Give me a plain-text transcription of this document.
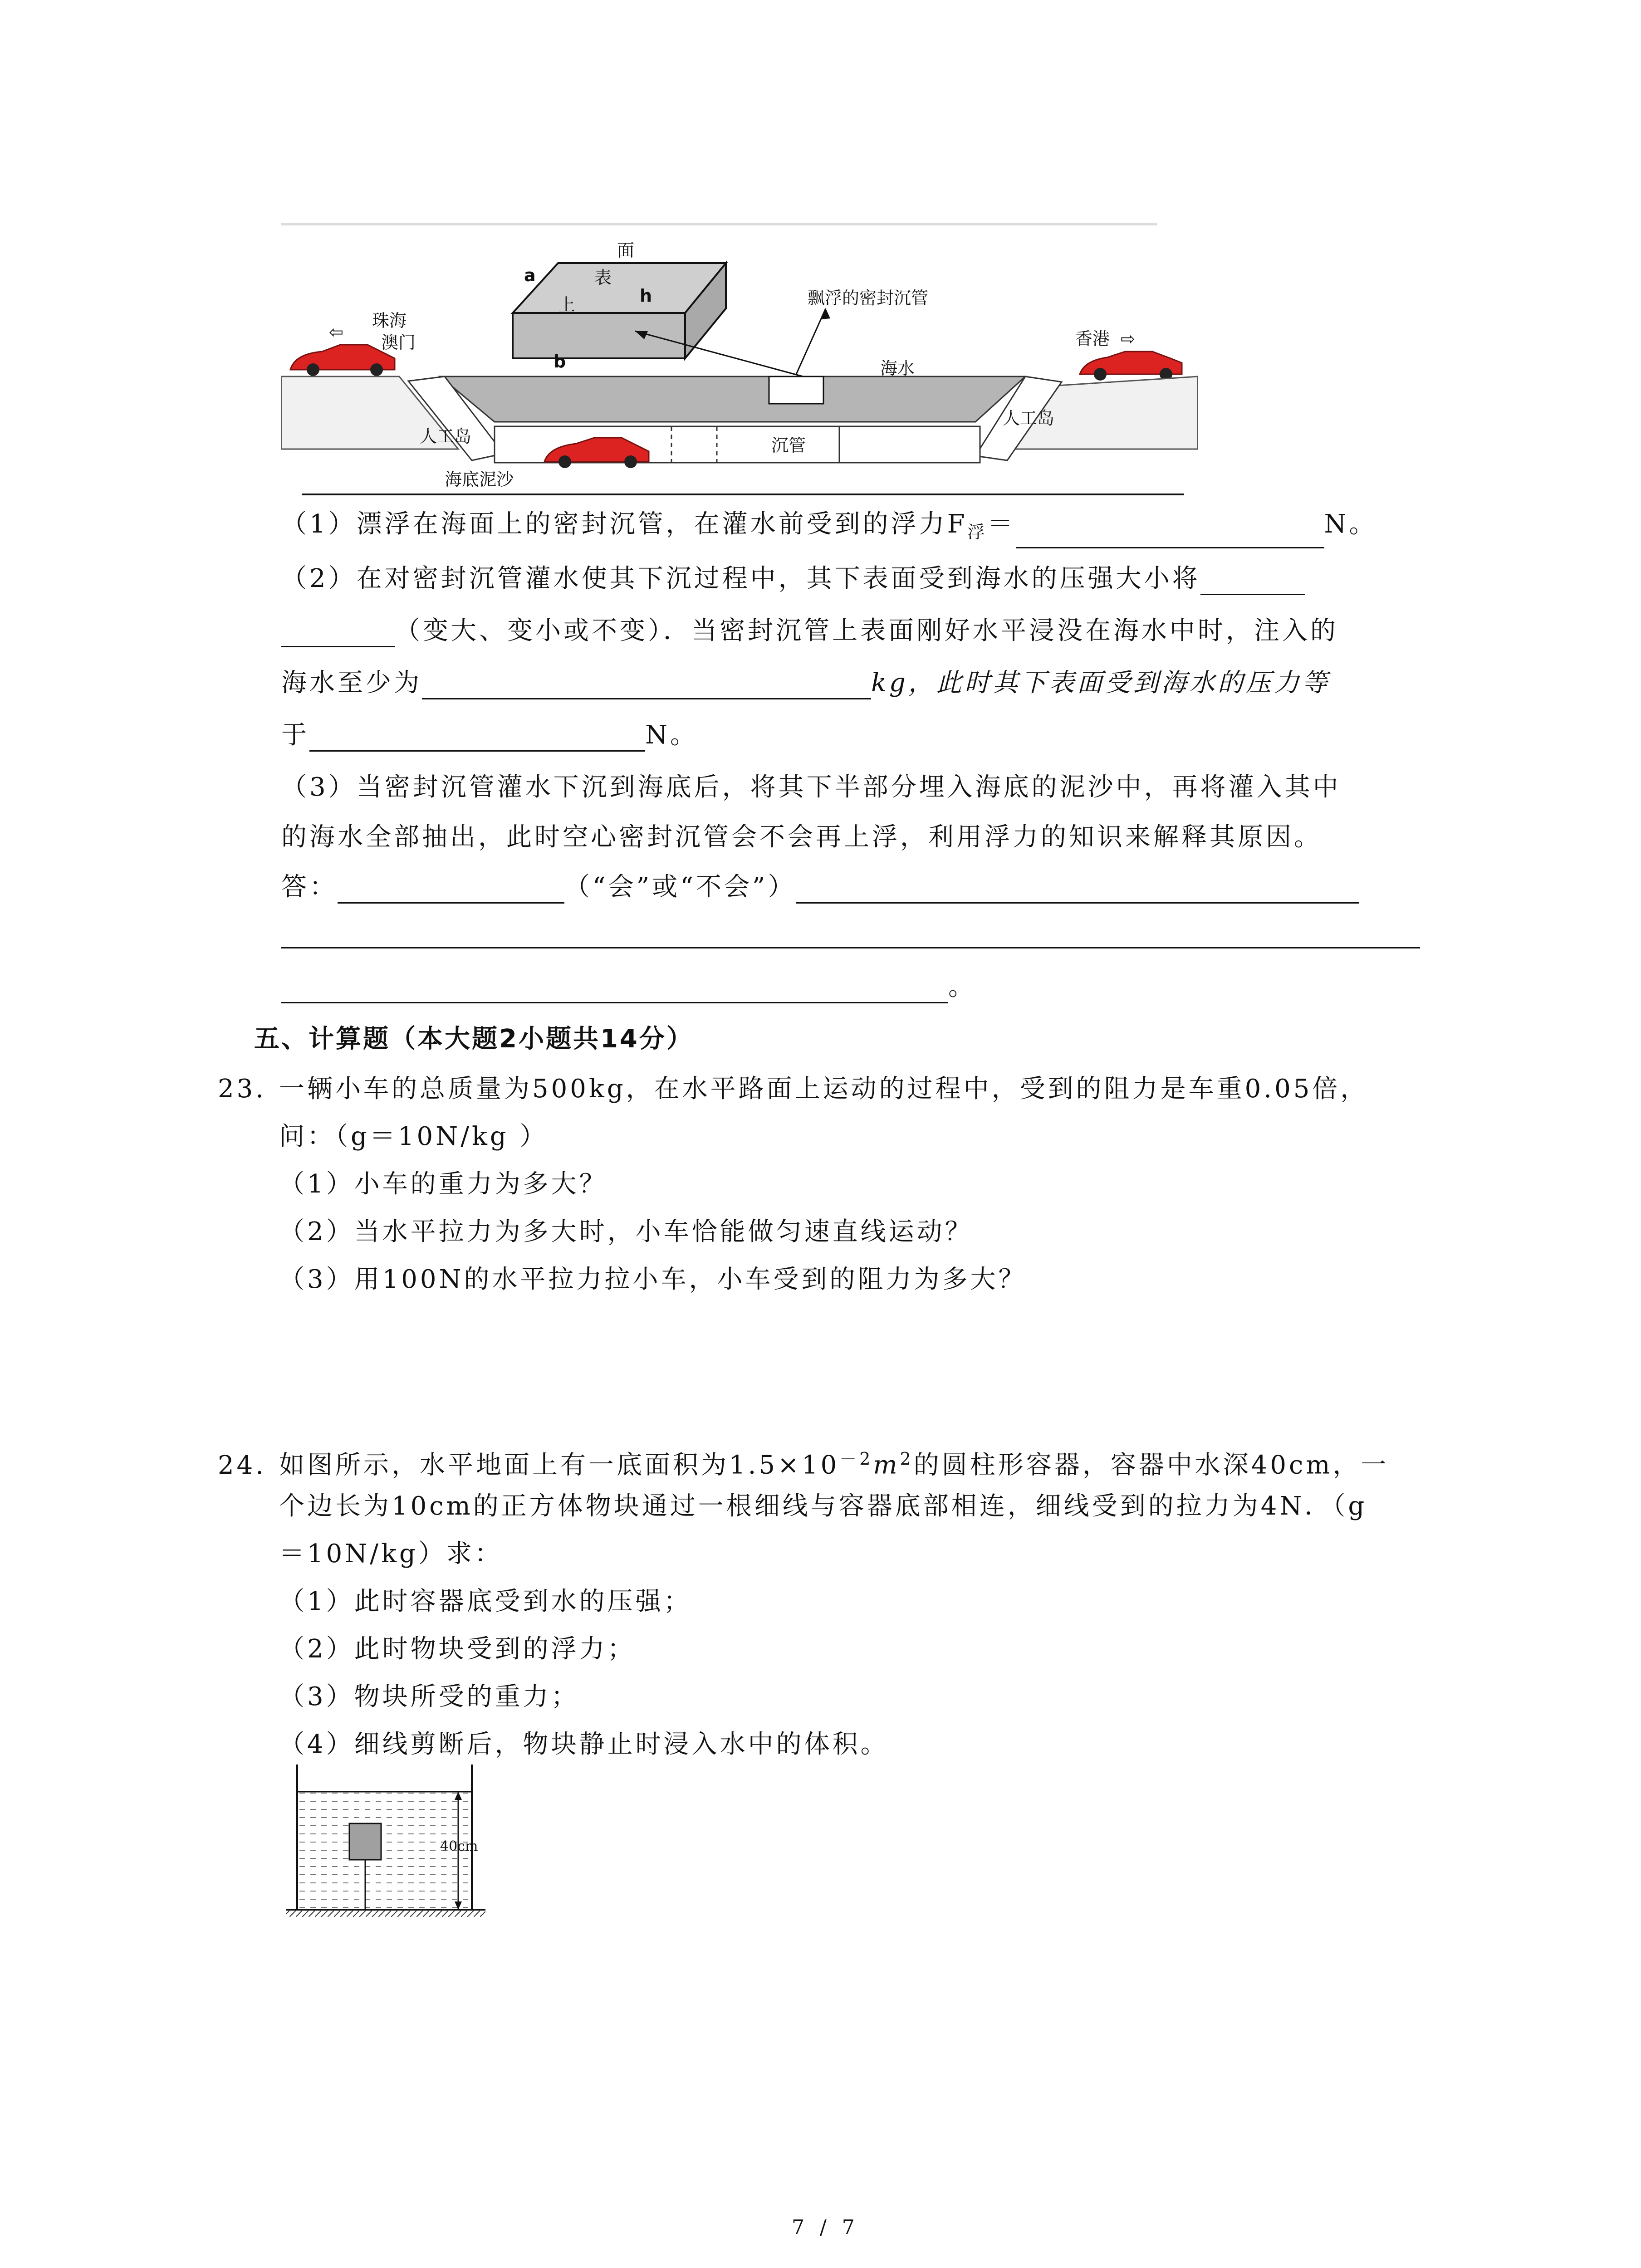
面
表
上
a
h
b
飘浮的密封沉管
珠海
澳门
⇦	香港 ⇨
海水
沉管
人工岛
人工岛
海底泥沙
（1）漂浮在海面上的密封沉管，在灌水前受到的浮力$F_浮=$	N。
（2）在对密封沉管灌水使其下沉过程中，其下表面受到海水的压强大小将
（变大、变小或不变）．当密封沉管上表面刚好水平浸没在海水中时，注入的
海水至少为	kg，此时其下表面受到海水的压力等
于	N。
（3）当密封沉管灌水下沉到海底后，将其下半部分埋入海底的泥沙中，再将灌入其中
的海水全部抽出，此时空心密封沉管会不会再上浮，利用浮力的知识来解释其原因。
答：	（“会”或“不会”）
。
五、计算题（本大题2小题共14分）
23. 一辆小车的总质量为500kg，在水平路面上运动的过程中，受到的阻力是车重0.05倍，
问：（g＝10N/kg ）
（1）小车的重力为多大？
（2）当水平拉力为多大时，小车恰能做匀速直线运动？
（3）用100N的水平拉力拉小车，小车受到的阻力为多大？
24. 如图所示，水平地面上有一底面积为$1.5\times 10^{-2}m^2$的圆柱形容器，容器中水深40cm，一
个边长为10cm的正方体物块通过一根细线与容器底部相连，细线受到的拉力为4N．（g
＝10N/kg）求：
（1）此时容器底受到水的压强；
（2）此时物块受到的浮力；
（3）物块所受的重力；
（4）细线剪断后，物块静止时浸入水中的体积。
40cm
7 / 7
